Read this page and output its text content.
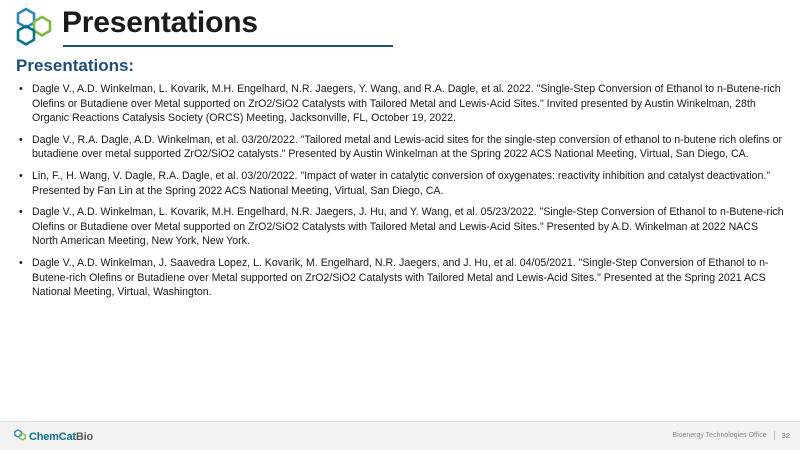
Presentations
Presentations:
• Dagle V., A.D. Winkelman, L. Kovarik, M.H. Engelhard, N.R. Jaegers, Y. Wang, and R.A. Dagle, et al. 2022. "Single-Step Conversion of Ethanol to n-Butene-rich Olefins or Butadiene over Metal supported on ZrO2/SiO2 Catalysts with Tailored Metal and Lewis-Acid Sites." Invited presented by Austin Winkelman, 28th Organic Reactions Catalysis Society (ORCS) Meeting, Jacksonville, FL, October 19, 2022.
• Dagle V., R.A. Dagle, A.D. Winkelman, et al. 03/20/2022. "Tailored metal and Lewis-acid sites for the single-step conversion of ethanol to n-butene rich olefins or butadiene over metal supported ZrO2/SiO2 catalysts." Presented by Austin Winkelman at the Spring 2022 ACS National Meeting, Virtual, San Diego, CA.
• Lin, F., H. Wang, V. Dagle, R.A. Dagle, et al. 03/20/2022. "Impact of water in catalytic conversion of oxygenates: reactivity inhibition and catalyst deactivation." Presented by Fan Lin at the Spring 2022 ACS National Meeting, Virtual, San Diego, CA.
• Dagle V., A.D. Winkelman, L. Kovarik, M.H. Engelhard, N.R. Jaegers, J. Hu, and Y. Wang, et al. 05/23/2022. "Single-Step Conversion of Ethanol to n-Butene-rich Olefins or Butadiene over Metal supported on ZrO2/SiO2 Catalysts with Tailored Metal and Lewis-Acid Sites." Presented by A.D. Winkelman at 2022 NACS North American Meeting, New York, New York.
• Dagle V., A.D. Winkelman, J. Saavedra Lopez, L. Kovarik, M. Engelhard, N.R. Jaegers, and J. Hu, et al. 04/05/2021. "Single-Step Conversion of Ethanol to n-Butene-rich Olefins or Butadiene over Metal supported on ZrO2/SiO2 Catalysts with Tailored Metal and Lewis-Acid Sites." Presented at the Spring 2021 ACS National Meeting, Virtual, Washington.
ChemCatBio	Bioenergy Technologies Office 32
